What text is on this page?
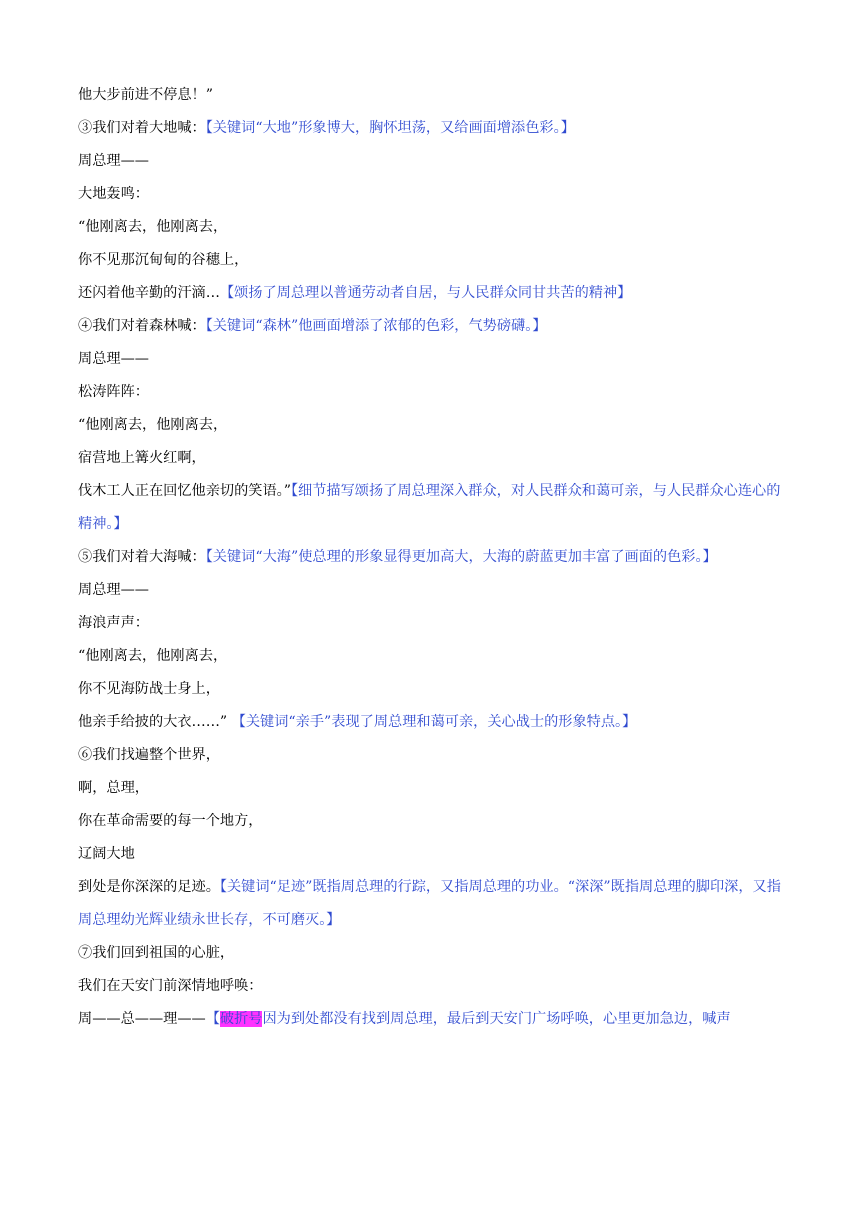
他大步前进不停息！”
③我们对着大地喊：【关键词“大地”形象博大，胸怀坦荡，又给画面增添色彩。】
周总理——
大地轰鸣：
“他刚离去，他刚离去，
你不见那沉甸甸的谷穗上，
还闪着他辛勤的汗滴…【颂扬了周总理以普通劳动者自居，与人民群众同甘共苦的精神】
④我们对着森林喊：【关键词“森林”他画面增添了浓郁的色彩，气势磅礴。】
周总理——
松涛阵阵：
“他刚离去，他刚离去，
宿营地上篝火红啊，
伐木工人正在回忆他亲切的笑语。”【细节描写颂扬了周总理深入群众，对人民群众和蔼可亲，与人民群众心连心的精神。】
⑤我们对着大海喊：【关键词“大海”使总理的形象显得更加高大，大海的蔚蓝更加丰富了画面的色彩。】
周总理——
海浪声声：
“他刚离去，他刚离去，
你不见海防战士身上，
他亲手给披的大衣……” 【关键词“亲手”表现了周总理和蔼可亲，关心战士的形象特点。】
⑥我们找遍整个世界，
啊，总理，
你在革命需要的每一个地方，
辽阔大地
到处是你深深的足迹。【关键词“足迹”既指周总理的行踪，又指周总理的功业。“深深”既指周总理的脚印深，又指周总理幼光辉业绩永世长存，不可磨灭。】
⑦我们回到祖国的心脏，
我们在天安门前深情地呼唤：
周——总——理——【破折号因为到处都没有找到周总理，最后到天安门广场呼唤，心里更加急边，喊声
